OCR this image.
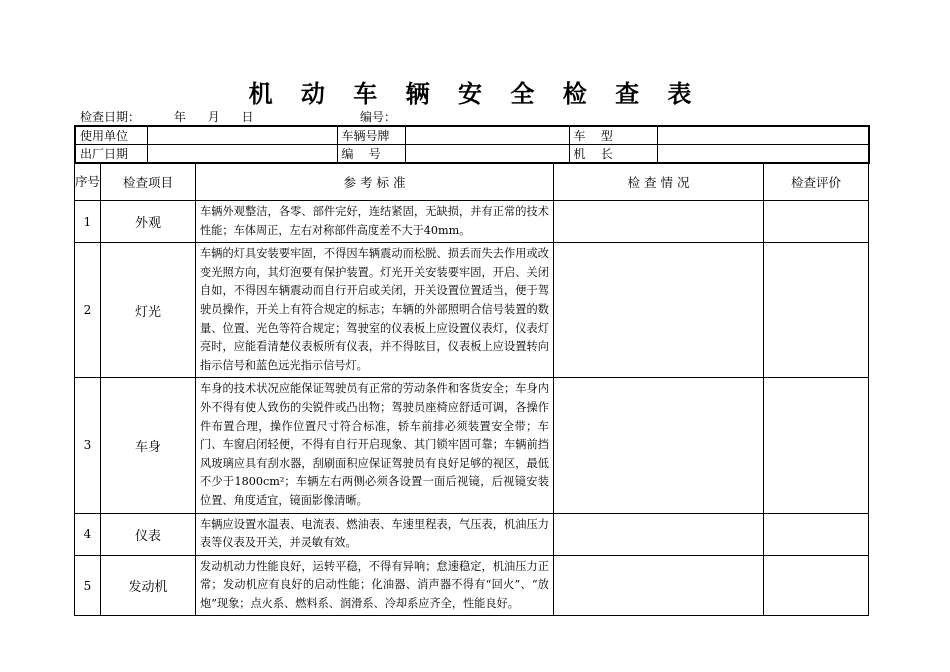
机 动 车 辆 安 全 检 查 表
检查日期：	年 月 日	编号：
使用单位		车辆号牌		车    型	
出厂日期		编    号		机    长	
序号	检查项目	参 考 标 准	检 查 情 况	检查评价
1	外观	车辆外观整洁，各零、部件完好，连结紧固，无缺损，并有正常的技术性能；车体周正，左右对称部件高度差不大于40mm。		
2	灯光	车辆的灯具安装要牢固，不得因车辆震动而松脱、损丢而失去作用或改变光照方向，其灯泡要有保护装置。灯光开关安装要牢固，开启、关闭自如，不得因车辆震动而自行开启或关闭，开关设置位置适当，便于驾驶员操作，开关上有符合规定的标志；车辆的外部照明合信号装置的数量、位置、光色等符合规定；驾驶室的仪表板上应设置仪表灯，仪表灯亮时，应能看清楚仪表板所有仪表，并不得眩目，仪表板上应设置转向指示信号和蓝色远光指示信号灯。		
3	车身	车身的技术状况应能保证驾驶员有正常的劳动条件和客货安全；车身内外不得有使人致伤的尖锐件或凸出物；驾驶员座椅应舒适可调，各操作件布置合理，操作位置尺寸符合标准，轿车前排必须装置安全带；车门、车窗启闭轻便，不得有自行开启现象、其门锁牢固可靠；车辆前挡风玻璃应具有刮水器，刮刷面积应保证驾驶员有良好足够的视区，最低不少于1800cm²；车辆左右两侧必须各设置一面后视镜，后视镜安装位置、角度适宜，镜面影像清晰。		
4	仪表	车辆应设置水温表、电流表、燃油表、车速里程表，气压表，机油压力表等仪表及开关，并灵敏有效。		
5	发动机	发动机动力性能良好，运转平稳，不得有异响；怠速稳定，机油压力正常；发动机应有良好的启动性能；化油器、消声器不得有“回火”、“放炮”现象；点火系、燃料系、润滑系、冷却系应齐全，性能良好。		
